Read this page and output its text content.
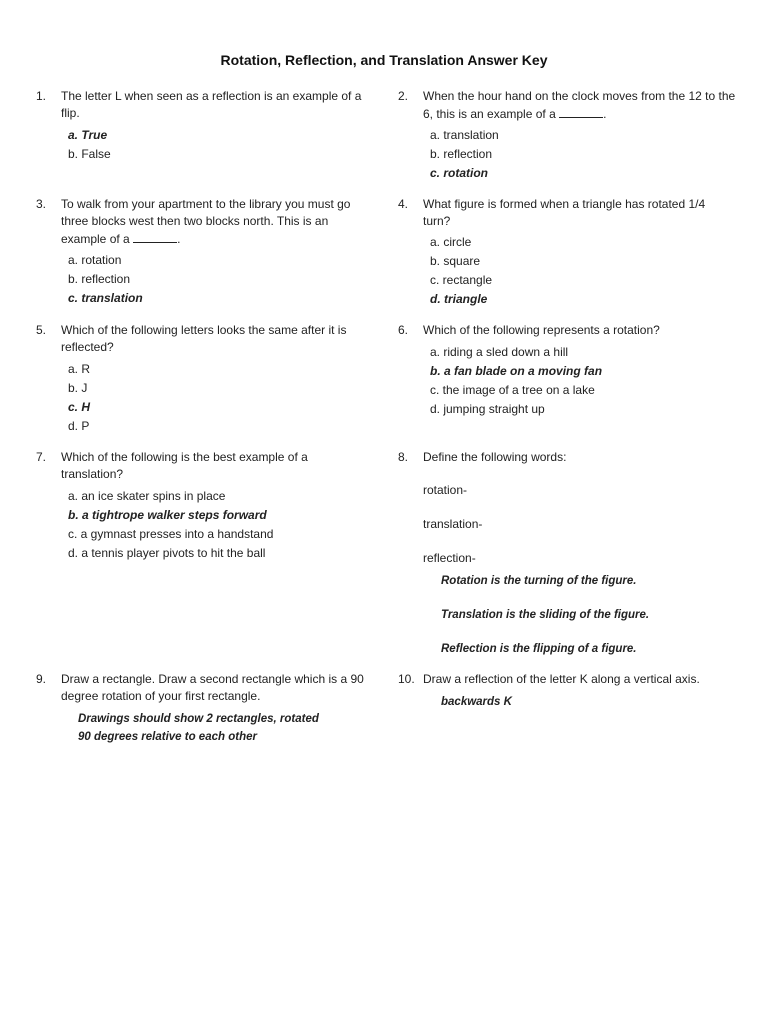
Rotation, Reflection, and Translation Answer Key
1. The letter L when seen as a reflection is an example of a flip.
a. True
b. False
2. When the hour hand on the clock moves from the 12 to the 6, this is an example of a	.
a. translation
b. reflection
c. rotation
3. To walk from your apartment to the library you must go three blocks west then two blocks north. This is an example of a	.
a. rotation
b. reflection
c. translation
4. What figure is formed when a triangle has rotated 1/4 turn?
a. circle
b. square
c. rectangle
d. triangle
5. Which of the following letters looks the same after it is reflected?
a. R
b. J
c. H
d. P
6. Which of the following represents a rotation?
a. riding a sled down a hill
b. a fan blade on a moving fan
c. the image of a tree on a lake
d. jumping straight up
7. Which of the following is the best example of a translation?
a. an ice skater spins in place
b. a tightrope walker steps forward
c. a gymnast presses into a handstand
d. a tennis player pivots to hit the ball
8. Define the following words:
rotation-
translation-
reflection-
Rotation is the turning of the figure.
Translation is the sliding of the figure.
Reflection is the flipping of a figure.
9. Draw a rectangle. Draw a second rectangle which is a 90 degree rotation of your first rectangle.
Drawings should show 2 rectangles, rotated 90 degrees relative to each other
10. Draw a reflection of the letter K along a vertical axis.
backwards K
